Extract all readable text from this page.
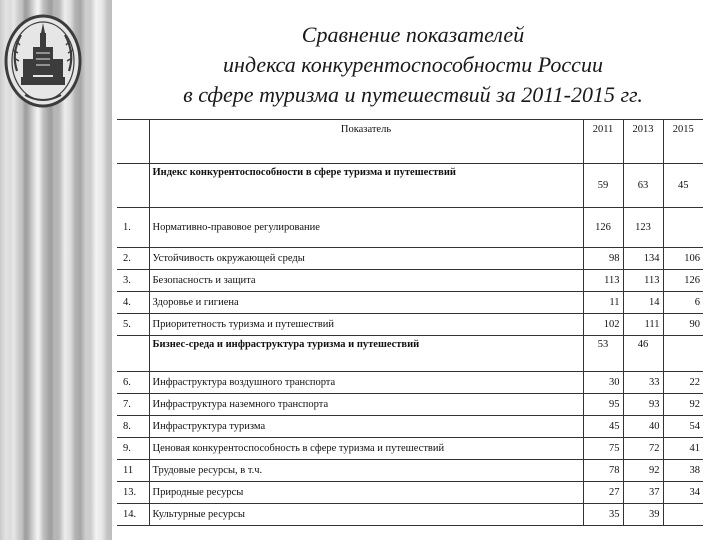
Сравнение показателей
индекса конкурентоспособности России
в сфере туризма и путешествий за 2011-2015 гг.
	Показатель	2011	2013	2015
	Индекс конкурентоспособности в сфере туризма и путешествий	59	63	45
1.	Нормативно-правовое регулирование	126	123	
2.	Устойчивость окружающей среды	98	134	106
3.	Безопасность и защита	113	113	126
4.	Здоровье и гигиена	11	14	6
5.	Приоритетность туризма и путешествий	102	111	90
	Бизнес-среда и инфраструктура туризма и путешествий	53	46	
6.	Инфраструктура воздушного транспорта	30	33	22
7.	Инфраструктура наземного транспорта	95	93	92
8.	Инфраструктура туризма	45	40	54
9.	Ценовая конкурентоспособность в сфере туризма и путешествий	75	72	41
11	Трудовые ресурсы, в т.ч.	78	92	38
13.	Природные ресурсы	27	37	34
14.	Культурные ресурсы	35	39	
